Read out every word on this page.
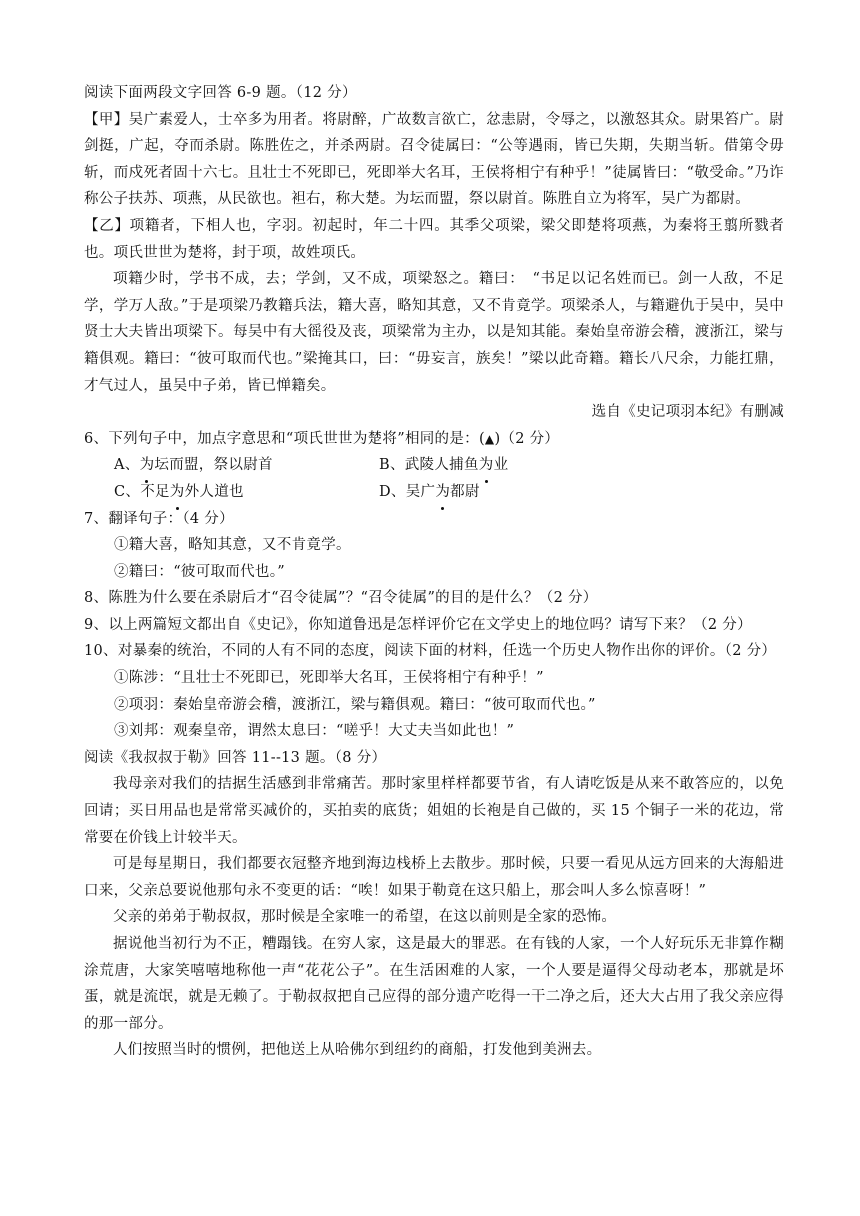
阅读下面两段文字回答 6-9 题。（12 分）
【甲】吴广素爱人，士卒多为用者。将尉醉，广故数言欲亡，忿恚尉，令辱之，以激怒其众。尉果笞广。尉剑挺，广起，夺而杀尉。陈胜佐之，并杀两尉。召令徒属曰：“公等遇雨，皆已失期，失期当斩。借第令毋斩，而戍死者固十六七。且壮士不死即已，死即举大名耳，王侯将相宁有种乎！”徒属皆曰：“敬受命。”乃诈称公子扶苏、项燕，从民欲也。袒右，称大楚。为坛而盟，祭以尉首。陈胜自立为将军，吴广为都尉。
【乙】项籍者，下相人也，字羽。初起时，年二十四。其季父项梁，梁父即楚将项燕，为秦将王翦所戮者也。项氏世世为楚将，封于项，故姓项氏。
项籍少时，学书不成，去；学剑，又不成，项梁怒之。籍曰：　“书足以记名姓而已。剑一人敌，不足学，学万人敌。”于是项梁乃教籍兵法，籍大喜，略知其意，又不肯竟学。项梁杀人，与籍避仇于吴中，吴中贤士大夫皆出项梁下。每吴中有大徭役及丧，项梁常为主办，以是知其能。秦始皇帝游会稽，渡浙江，梁与籍俱观。籍曰：“彼可取而代也。”梁掩其口，曰：“毋妄言，族矣！”梁以此奇籍。籍长八尺余，力能扛鼎，才气过人，虽吴中子弟，皆已惮籍矣。
选自《史记项羽本纪》有删减
6、下列句子中，加点字意思和“项氏世世为楚将”相同的是：(▲)（2 分）
A、为坛而盟，祭以尉首	B、武陵人捕鱼为业
C、不足为外人道也	D、吴广为都尉
7、翻译句子：（4 分）
①籍大喜，略知其意，又不肯竟学。
②籍曰：“彼可取而代也。”
8、陈胜为什么要在杀尉后才“召令徒属”？“召令徒属”的目的是什么？（2 分）
9、以上两篇短文都出自《史记》，你知道鲁迅是怎样评价它在文学史上的地位吗？请写下来？（2 分）
10、对暴秦的统治，不同的人有不同的态度，阅读下面的材料，任选一个历史人物作出你的评价。（2 分）
①陈涉：“且壮士不死即已，死即举大名耳，王侯将相宁有种乎！”
②项羽：秦始皇帝游会稽，渡浙江，梁与籍俱观。籍曰：“彼可取而代也。”
③刘邦：观秦皇帝，谓然太息曰：“嗟乎！大丈夫当如此也！”
阅读《我叔叔于勒》回答 11--13 题。（8 分）
我母亲对我们的拮据生活感到非常痛苦。那时家里样样都要节省，有人请吃饭是从来不敢答应的，以免回请；买日用品也是常常买减价的，买拍卖的底货；姐姐的长袍是自己做的，买 15 个铜子一米的花边，常常要在价钱上计较半天。
可是每星期日，我们都要衣冠整齐地到海边栈桥上去散步。那时候，只要一看见从远方回来的大海船进口来，父亲总要说他那句永不变更的话：“唉！如果于勒竟在这只船上，那会叫人多么惊喜呀！”
父亲的弟弟于勒叔叔，那时候是全家唯一的希望，在这以前则是全家的恐怖。
据说他当初行为不正，糟蹋钱。在穷人家，这是最大的罪恶。在有钱的人家，一个人好玩乐无非算作糊涂荒唐，大家笑嘻嘻地称他一声“花花公子”。在生活困难的人家，一个人要是逼得父母动老本，那就是坏蛋，就是流氓，就是无赖了。于勒叔叔把自己应得的部分遗产吃得一干二净之后，还大大占用了我父亲应得的那一部分。
人们按照当时的惯例，把他送上从哈佛尔到纽约的商船，打发他到美洲去。
